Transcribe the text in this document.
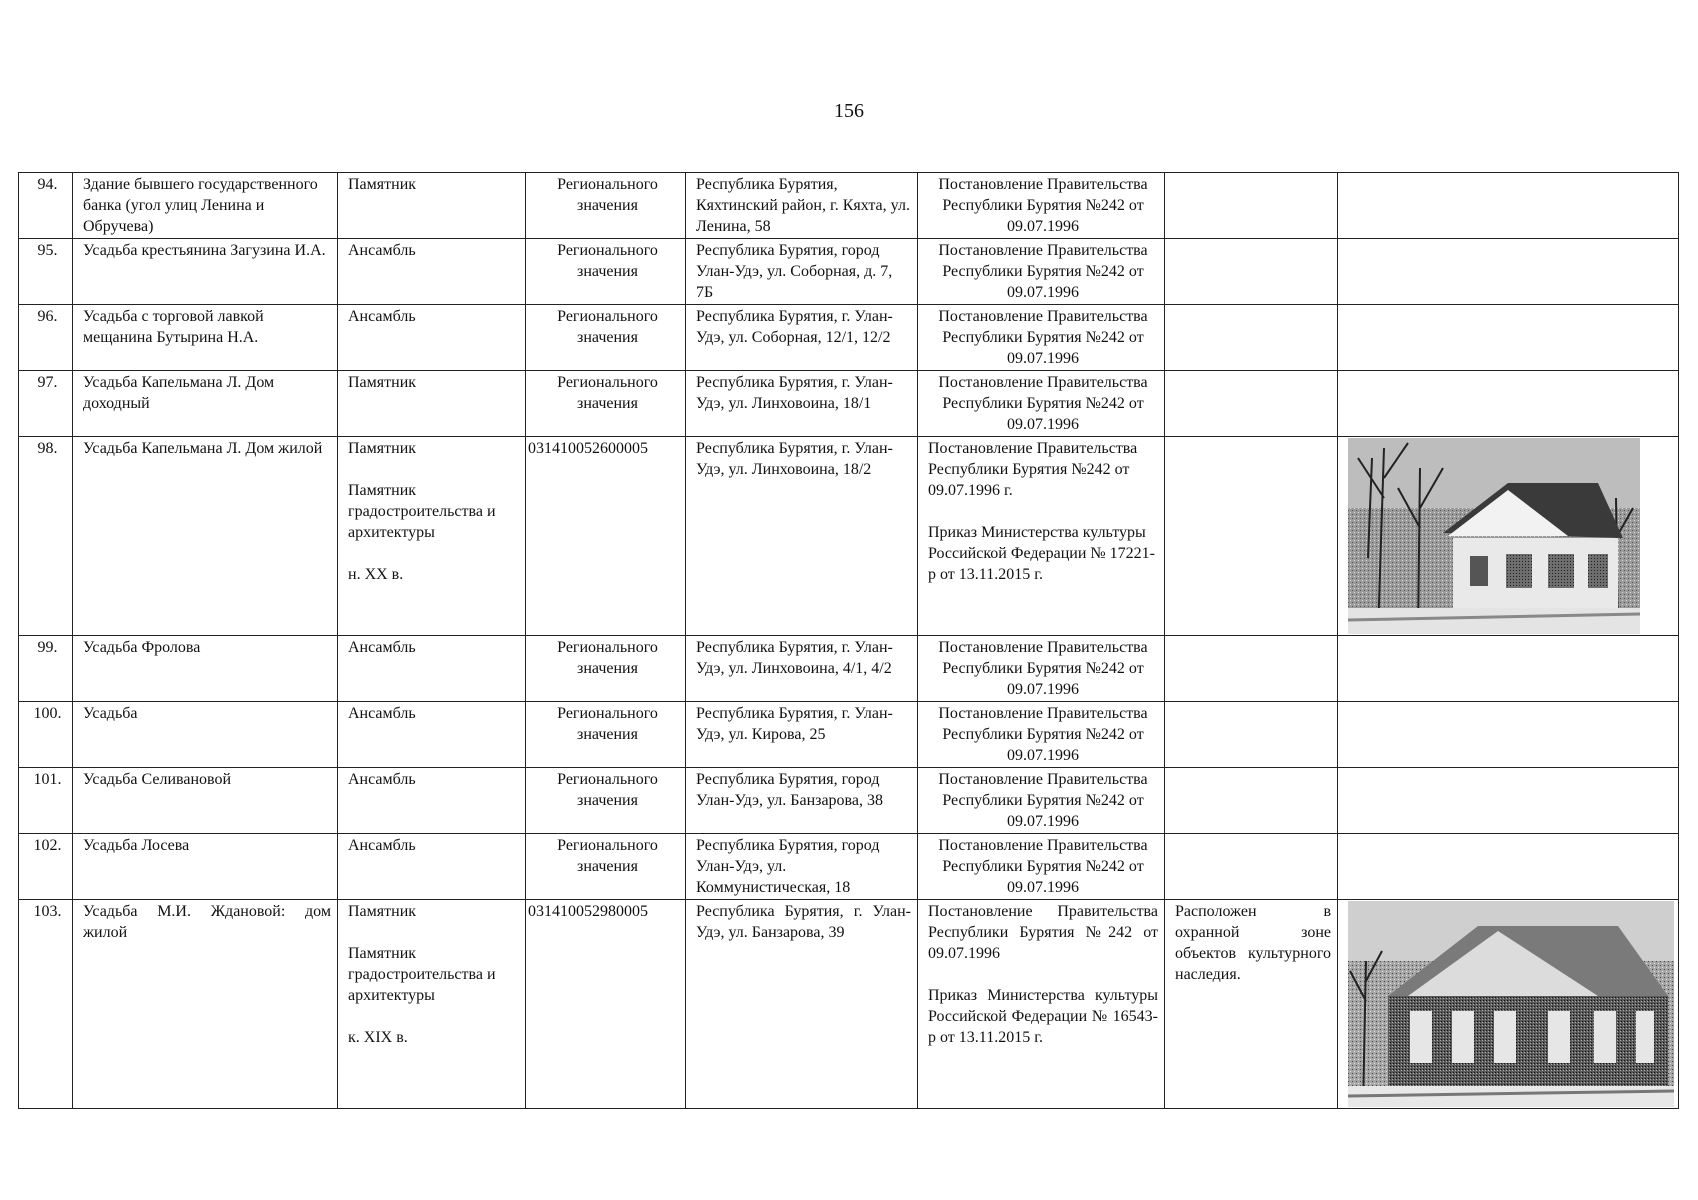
156
94.	Здание бывшего государственного банка (угол улиц Ленина и Обручева)	Памятник	Регионального значения	Республика Бурятия, Кяхтинский район, г. Кяхта, ул. Ленина, 58	Постановление Правительства Республики Бурятия №242 от 09.07.1996		
95.	Усадьба крестьянина Загузина И.А.	Ансамбль	Регионального значения	Республика Бурятия, город Улан-Удэ, ул. Соборная, д. 7, 7Б	Постановление Правительства Республики Бурятия №242 от 09.07.1996		
96.	Усадьба с торговой лавкой мещанина Бутырина Н.А.	Ансамбль	Регионального значения	Республика Бурятия, г. Улан-Удэ, ул. Соборная, 12/1, 12/2	Постановление Правительства Республики Бурятия №242 от 09.07.1996		
97.	Усадьба Капельмана Л. Дом доходный	Памятник	Регионального значения	Республика Бурятия, г. Улан-Удэ, ул. Линховоина, 18/1	Постановление Правительства Республики Бурятия №242 от 09.07.1996		
98.	Усадьба Капельмана Л. Дом жилой	Памятник
Памятник градостроительства и архитектуры
н. XX в.	031410052600005	Республика Бурятия, г. Улан-Удэ, ул. Линховоина, 18/2	Постановление Правительства Республики Бурятия №242 от 09.07.1996 г.
Приказ Министерства культуры Российской Федерации № 17221-р от 13.11.2015 г.

99.	Усадьба Фролова	Ансамбль	Регионального значения	Республика Бурятия, г. Улан-Удэ, ул. Линховоина, 4/1, 4/2	Постановление Правительства Республики Бурятия №242 от 09.07.1996		
100.	Усадьба	Ансамбль	Регионального значения	Республика Бурятия, г. Улан-Удэ, ул. Кирова, 25	Постановление Правительства Республики Бурятия №242 от 09.07.1996		
101.	Усадьба Селивановой	Ансамбль	Регионального значения	Республика Бурятия, город Улан-Удэ, ул. Банзарова, 38	Постановление Правительства Республики Бурятия №242 от 09.07.1996		
102.	Усадьба Лосева	Ансамбль	Регионального значения	Республика Бурятия, город Улан-Удэ, ул. Коммунистическая, 18	Постановление Правительства Республики Бурятия №242 от 09.07.1996		
103.	Усадьба М.И. Ждановой: дом жилой	Памятник
Памятник градостроительства и архитектуры
к. XIX в.	031410052980005	Республика Бурятия, г. Улан-Удэ, ул. Банзарова, 39	Постановление Правительства Республики Бурятия №242 от 09.07.1996
Приказ Министерства культуры Российской Федерации № 16543-р от 13.11.2015 г.	Расположен в охранной зоне объектов культурного наследия.	
